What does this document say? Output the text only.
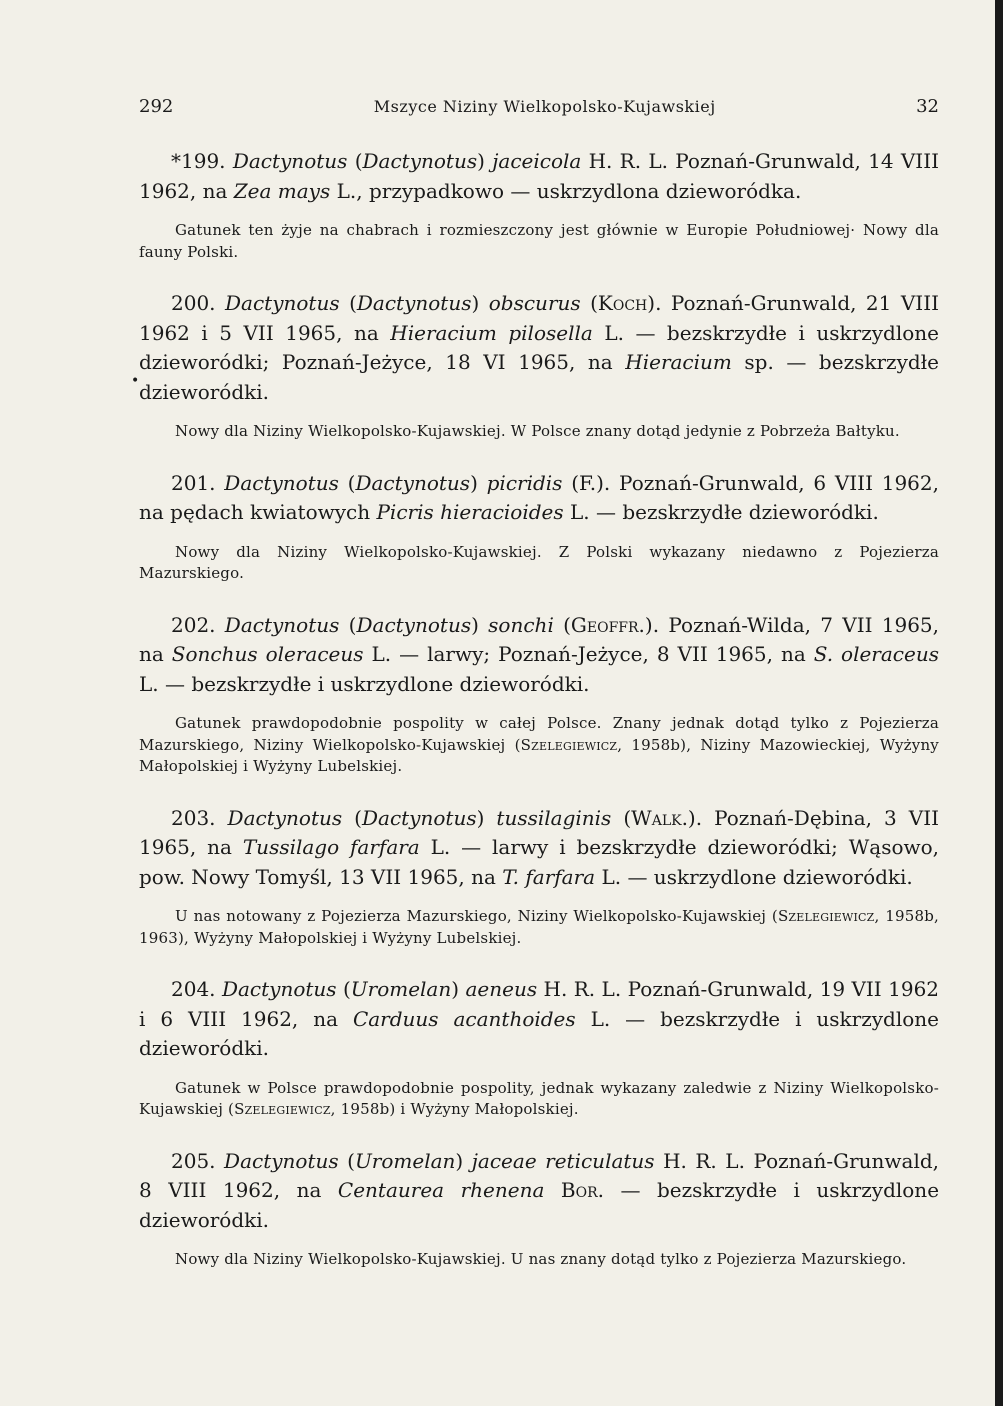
292	Mszyce Niziny Wielkopolsko-Kujawskiej	32

*199. Dactynotus (Dactynotus) jaceicola H. R. L. Poznań-Grunwald, 14 VIII 1962, na Zea mays L., przypadkowo — uskrzydlona dzieworódka.

Gatunek ten żyje na chabrach i rozmieszczony jest głównie w Europie Południowej· Nowy dla fauny Polski.

200. Dactynotus (Dactynotus) obscurus (Koch). Poznań-Grunwald, 21 VIII 1962 i 5 VII 1965, na Hieracium pilosella L. — bezskrzydłe i uskrzydlone dzieworódki; Poznań-Jeżyce, 18 VI 1965, na Hieracium sp. — bezskrzydłe dzieworódki.

Nowy dla Niziny Wielkopolsko-Kujawskiej. W Polsce znany dotąd jedynie z Pobrzeża Bałtyku.

201. Dactynotus (Dactynotus) picridis (F.). Poznań-Grunwald, 6 VIII 1962, na pędach kwiatowych Picris hieracioides L. — bezskrzydłe dzieworódki.

Nowy dla Niziny Wielkopolsko-Kujawskiej. Z Polski wykazany niedawno z Pojezierza Mazurskiego.

202. Dactynotus (Dactynotus) sonchi (Geoffr.). Poznań-Wilda, 7 VII 1965, na Sonchus oleraceus L. — larwy; Poznań-Jeżyce, 8 VII 1965, na S. oleraceus L. — bezskrzydłe i uskrzydlone dzieworódki.

Gatunek prawdopodobnie pospolity w całej Polsce. Znany jednak dotąd tylko z Pojezierza Mazurskiego, Niziny Wielkopolsko-Kujawskiej (Szelegiewicz, 1958b), Niziny Mazowieckiej, Wyżyny Małopolskiej i Wyżyny Lubelskiej.

203. Dactynotus (Dactynotus) tussilaginis (Walk.). Poznań-Dębina, 3 VII 1965, na Tussilago farfara L. — larwy i bezskrzydłe dzieworódki; Wąsowo, pow. Nowy Tomyśl, 13 VII 1965, na T. farfara L. — uskrzydlone dzieworódki.

U nas notowany z Pojezierza Mazurskiego, Niziny Wielkopolsko-Kujawskiej (Szelegiewicz, 1958b, 1963), Wyżyny Małopolskiej i Wyżyny Lubelskiej.

204. Dactynotus (Uromelan) aeneus H. R. L. Poznań-Grunwald, 19 VII 1962 i 6 VIII 1962, na Carduus acanthoides L. — bezskrzydłe i uskrzydlone dzieworódki.

Gatunek w Polsce prawdopodobnie pospolity, jednak wykazany zaledwie z Niziny Wielkopolsko-Kujawskiej (Szelegiewicz, 1958b) i Wyżyny Małopolskiej.

205. Dactynotus (Uromelan) jaceae reticulatus H. R. L. Poznań-Grunwald, 8 VIII 1962, na Centaurea rhenena Bor. — bezskrzydłe i uskrzydlone dzieworódki.

Nowy dla Niziny Wielkopolsko-Kujawskiej. U nas znany dotąd tylko z Pojezierza Mazurskiego.

•
